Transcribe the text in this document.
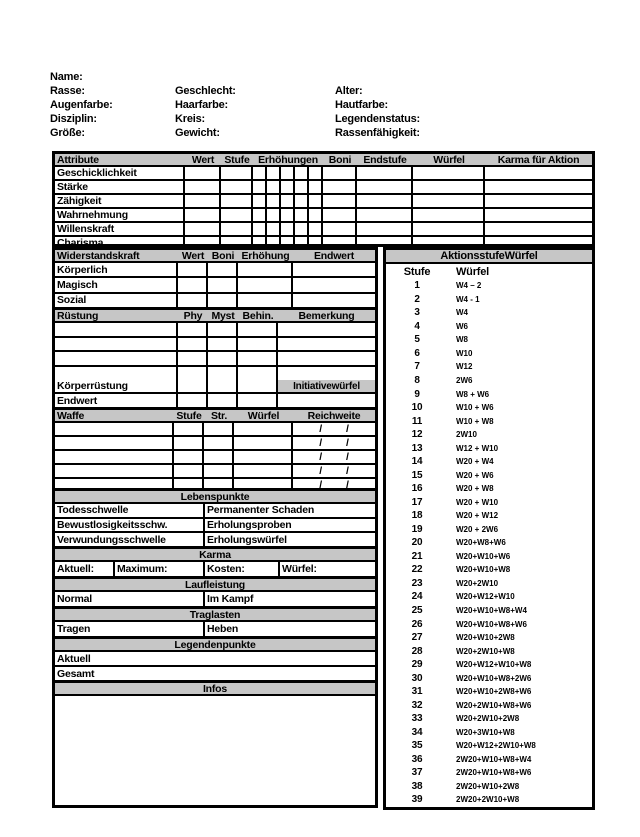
Name:
Rasse:	Geschlecht:	Alter:
Augenfarbe:	Haarfarbe:	Hautfarbe:
Disziplin:	Kreis:	Legendenstatus:
Größe:	Gewicht:	Rassenfähigkeit:
Attribute	Wert Stufe Erhöhungen	Boni	Endstufe	Würfel	Karma für Aktion
Geschicklichkeit
Stärke
Zähigkeit
Wahrnehmung
Willenskraft
Charisma
Widerstandskraft	Wert Boni Erhöhung	Endwert
Körperlich
Magisch
Sozial
Rüstung	Phy Myst Behin.	Bemerkung
Körperrüstung	Initiativewürfel
Endwert
Waffe	Stufe Str.	Würfel	Reichweite
/ /
/ /
/ /
/ /
/ /
Lebenspunkte
Todesschwelle	Permanenter Schaden
Bewustlosigkeitsschw.	Erholungsproben
Verwundungsschwelle	Erholungswürfel
Karma
Aktuell:	Maximum:	Kosten:	Würfel:
Laufleistung
Normal	Im Kampf
Traglasten
Tragen	Heben
Legendenpunkte
Aktuell
Gesamt
Infos
AktionsstufeWürfel
Stufe	Würfel
1	W4 – 2
2	W4 - 1
3	W4
4	W6
5	W8
6	W10
7	W12
8	2W6
9	W8 + W6
10	W10 + W6
11	W10 + W8
12	2W10
13	W12 + W10
14	W20 + W4
15	W20 + W6
16	W20 + W8
17	W20 + W10
18	W20 + W12
19	W20 + 2W6
20	W20+W8+W6
21	W20+W10+W6
22	W20+W10+W8
23	W20+2W10
24	W20+W12+W10
25	W20+W10+W8+W4
26	W20+W10+W8+W6
27	W20+W10+2W8
28	W20+2W10+W8
29	W20+W12+W10+W8
30	W20+W10+W8+2W6
31	W20+W10+2W8+W6
32	W20+2W10+W8+W6
33	W20+2W10+2W8
34	W20+3W10+W8
35	W20+W12+2W10+W8
36	2W20+W10+W8+W4
37	2W20+W10+W8+W6
38	2W20+W10+2W8
39	2W20+2W10+W8
